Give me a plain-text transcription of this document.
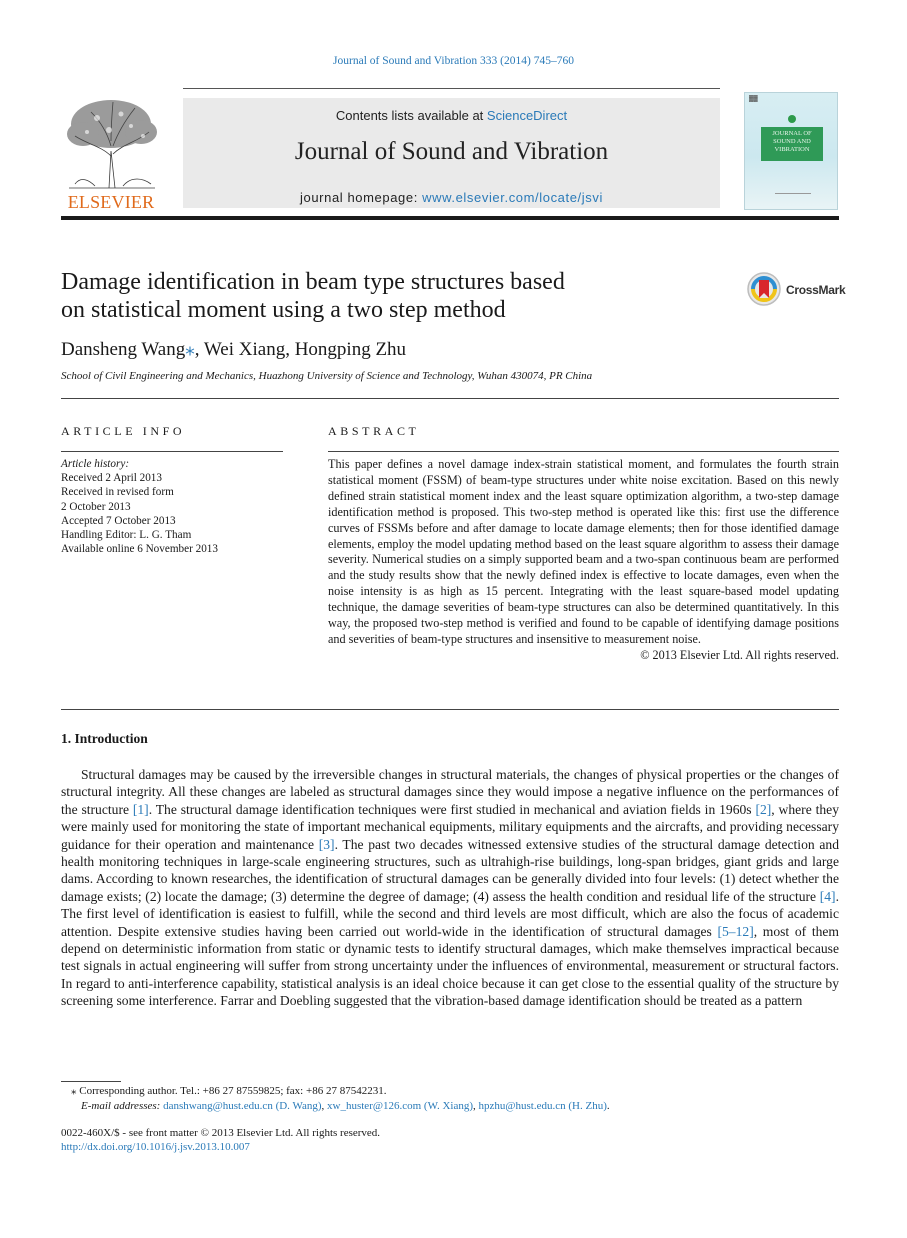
Journal of Sound and Vibration 333 (2014) 745–760
ELSEVIER
Contents lists available at ScienceDirect
Journal of Sound and Vibration
journal homepage: www.elsevier.com/locate/jsvi
▓▓
JOURNAL OF SOUND AND VIBRATION
Damage identification in beam type structures based
on statistical moment using a two step method
CrossMark
Dansheng Wang⁎, Wei Xiang, Hongping Zhu
School of Civil Engineering and Mechanics, Huazhong University of Science and Technology, Wuhan 430074, PR China
ARTICLE INFO	ABSTRACT
Article history:
Received 2 April 2013
Received in revised form
2 October 2013
Accepted 7 October 2013
Handling Editor: L. G. Tham
Available online 6 November 2013

This paper defines a novel damage index-strain statistical moment, and formulates the fourth strain statistical moment (FSSM) of beam-type structures under white noise excitation. Based on this newly defined strain statistical moment index and the least square optimization algorithm, a two-step damage identification method is proposed. This two-step method is operated like this: first use the difference curves of FSSMs before and after damage to locate damage elements; then for those identified damage elements, employ the model updating method based on the least square algorithm to assess their damage severity. Numerical studies on a simply supported beam and a two-span continuous beam are performed and the study results show that the newly defined index is effective to locate damages, even when the noise intensity is as high as 15 percent. Integrating with the least square-based model updating technique, the damage severities of beam-type structures can also be determined quantitatively. In this way, the proposed two-step method is verified and found to be capable of identifying damage positions and severities of beam-type structures and insensitive to measurement noise.

© 2013 Elsevier Ltd. All rights reserved.

1. Introduction

Structural damages may be caused by the irreversible changes in structural materials, the changes of physical properties or the changes of structural integrity. All these changes are labeled as structural damages since they would impose a negative influence on the performances of the structure [1]. The structural damage identification techniques were first studied in mechanical and aviation fields in 1960s [2], where they were mainly used for monitoring the state of important mechanical equipments, military equipments and the aircrafts, and providing necessary guidance for their operation and maintenance [3]. The past two decades witnessed extensive studies of the structural damage detection and health monitoring techniques in large-scale engineering structures, such as ultrahigh-rise buildings, long-span bridges, giant grids and large dams. According to known researches, the identification of structural damages can be generally divided into four levels: (1) detect whether the damage exists; (2) locate the damage; (3) determine the degree of damage; (4) assess the health condition and residual life of the structure [4]. The first level of identification is easiest to fulfill, while the second and third levels are most difficult, which are also the focus of academic attention. Despite extensive studies having been carried out world-wide in the identification of structural damages [5–12], most of them depend on deterministic information from static or dynamic tests to identify structural damages, which make themselves impractical because test signals in actual engineering will suffer from strong uncertainty under the influences of environmental, measurement or structural factors. In regard to anti-interference capability, statistical analysis is an ideal choice because it can get close to the essential quality of the structure by screening some interference. Farrar and Doebling suggested that the vibration-based damage identification should be treated as a pattern

⁎ Corresponding author. Tel.: +86 27 87559825; fax: +86 27 87542231.
E-mail addresses: danshwang@hust.edu.cn (D. Wang), xw_huster@126.com (W. Xiang), hpzhu@hust.edu.cn (H. Zhu).
0022-460X/$ - see front matter © 2013 Elsevier Ltd. All rights reserved.
http://dx.doi.org/10.1016/j.jsv.2013.10.007
